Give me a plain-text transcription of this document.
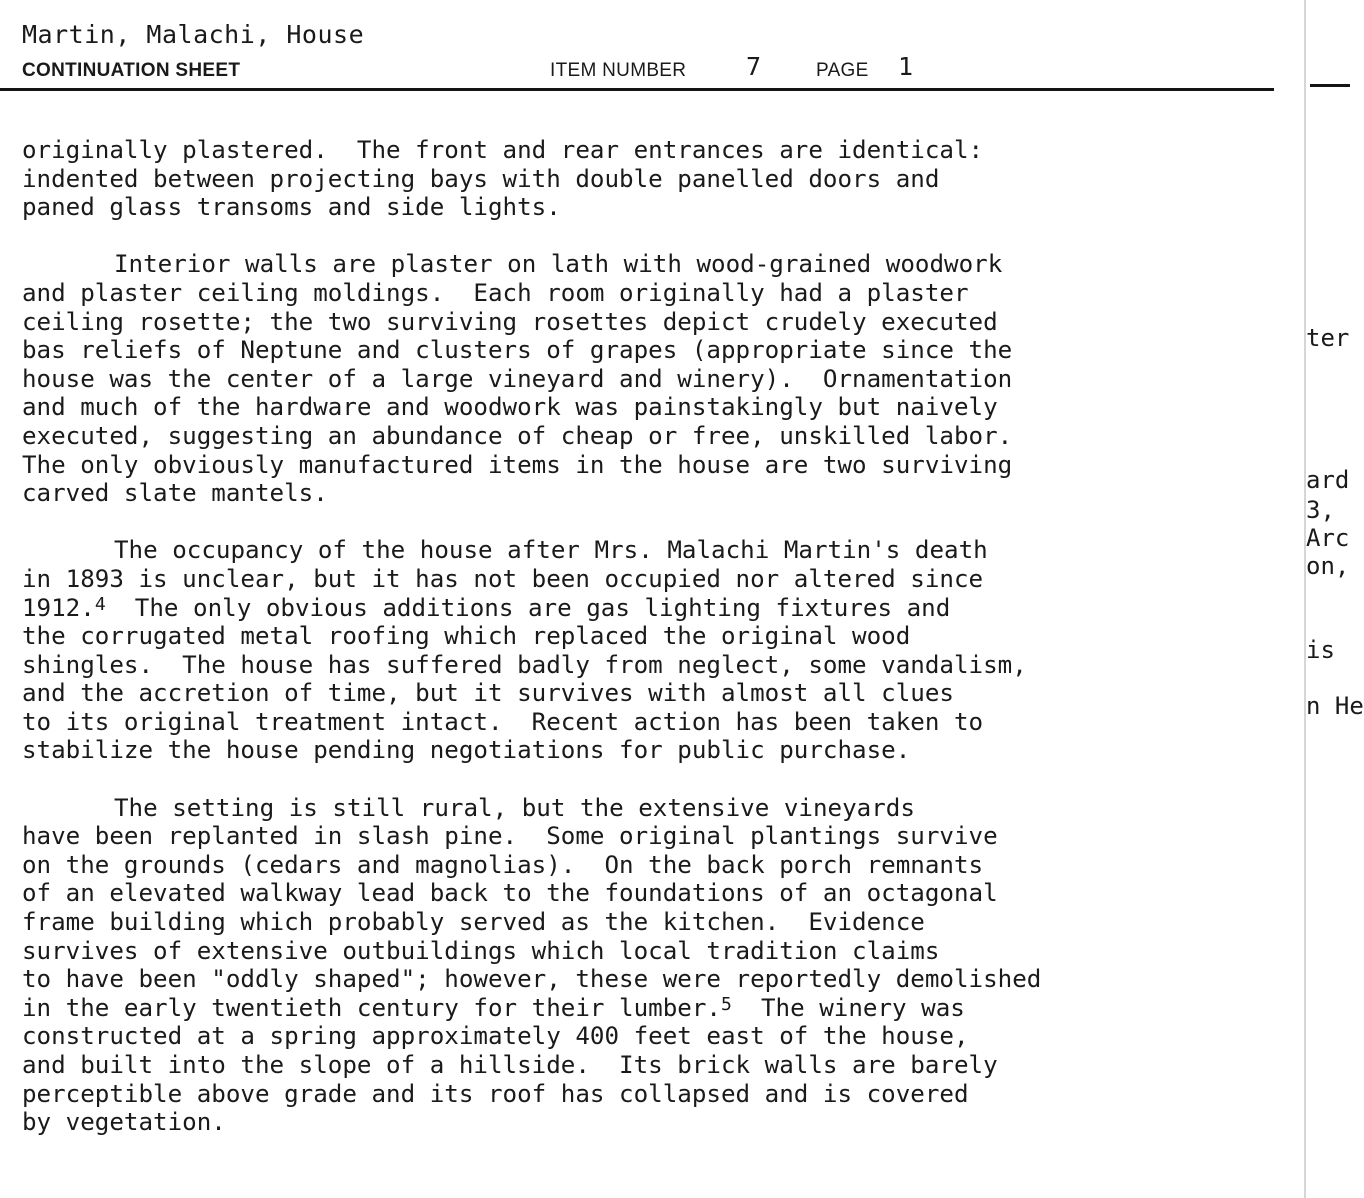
Martin, Malachi, House
CONTINUATION SHEET	ITEM NUMBER 7	PAGE 1
originally plastered.  The front and rear entrances are identical:
indented between projecting bays with double panelled doors and
paned glass transoms and side lights.
Interior walls are plaster on lath with wood-grained woodwork
and plaster ceiling moldings.  Each room originally had a plaster
ceiling rosette; the two surviving rosettes depict crudely executed
bas reliefs of Neptune and clusters of grapes (appropriate since the
house was the center of a large vineyard and winery).  Ornamentation
and much of the hardware and woodwork was painstakingly but naively
executed, suggesting an abundance of cheap or free, unskilled labor.
The only obviously manufactured items in the house are two surviving
carved slate mantels.
The occupancy of the house after Mrs. Malachi Martin's death
in 1893 is unclear, but it has not been occupied nor altered since
1912.$^4$ The only obvious additions are gas lighting fixtures and
the corrugated metal roofing which replaced the original wood
shingles.  The house has suffered badly from neglect, some vandalism,
and the accretion of time, but it survives with almost all clues
to its original treatment intact.  Recent action has been taken to
stabilize the house pending negotiations for public purchase.
The setting is still rural, but the extensive vineyards
have been replanted in slash pine.  Some original plantings survive
on the grounds (cedars and magnolias).  On the back porch remnants
of an elevated walkway lead back to the foundations of an octagonal
frame building which probably served as the kitchen.  Evidence
survives of extensive outbuildings which local tradition claims
to have been "oddly shaped"; however, these were reportedly demolished
in the early twentieth century for their lumber.$^5$ The winery was
constructed at a spring approximately 400 feet east of the house,
and built into the slope of a hillside.  Its brick walls are barely
perceptible above grade and its roof has collapsed and is covered
by vegetation.
ter
ard
3,
Arc
on,
is
n He
